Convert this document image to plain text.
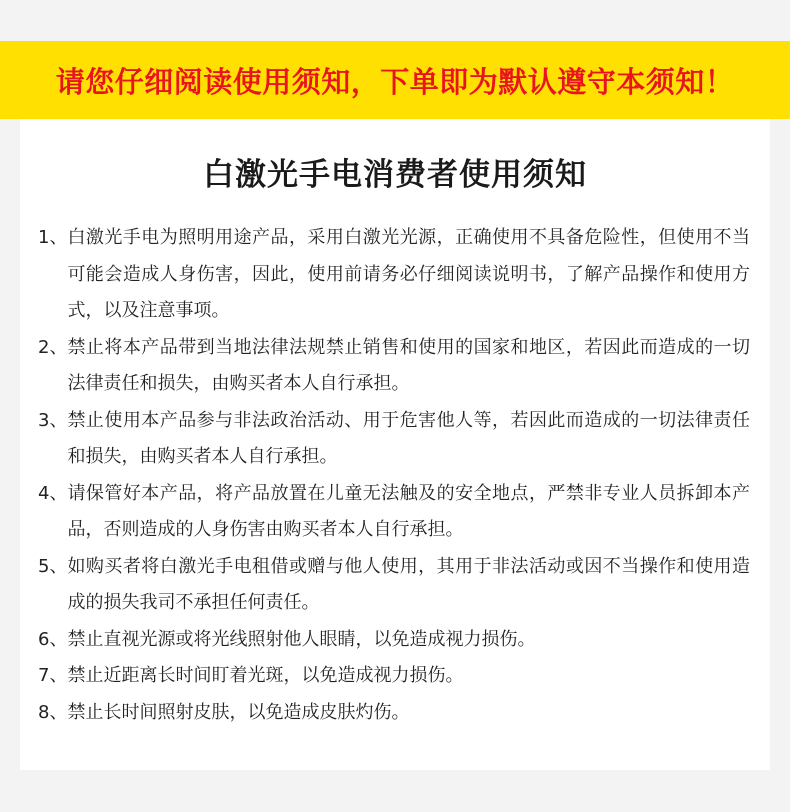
请您仔细阅读使用须知，下单即为默认遵守本须知！
白激光手电消费者使用须知
1、 白激光手电为照明用途产品，采用白激光光源，正确使用不具备危险性，但使用不当可能会造成人身伤害，因此，使用前请务必仔细阅读说明书，了解产品操作和使用方式，以及注意事项。
2、 禁止将本产品带到当地法律法规禁止销售和使用的国家和地区，若因此而造成的一切法律责任和损失，由购买者本人自行承担。
3、 禁止使用本产品参与非法政治活动、用于危害他人等，若因此而造成的一切法律责任和损失，由购买者本人自行承担。
4、 请保管好本产品，将产品放置在儿童无法触及的安全地点，严禁非专业人员拆卸本产品，否则造成的人身伤害由购买者本人自行承担。
5、 如购买者将白激光手电租借或赠与他人使用，其用于非法活动或因不当操作和使用造成的损失我司不承担任何责任。
6、 禁止直视光源或将光线照射他人眼睛，以免造成视力损伤。
7、 禁止近距离长时间盯着光斑，以免造成视力损伤。
8、 禁止长时间照射皮肤，以免造成皮肤灼伤。
